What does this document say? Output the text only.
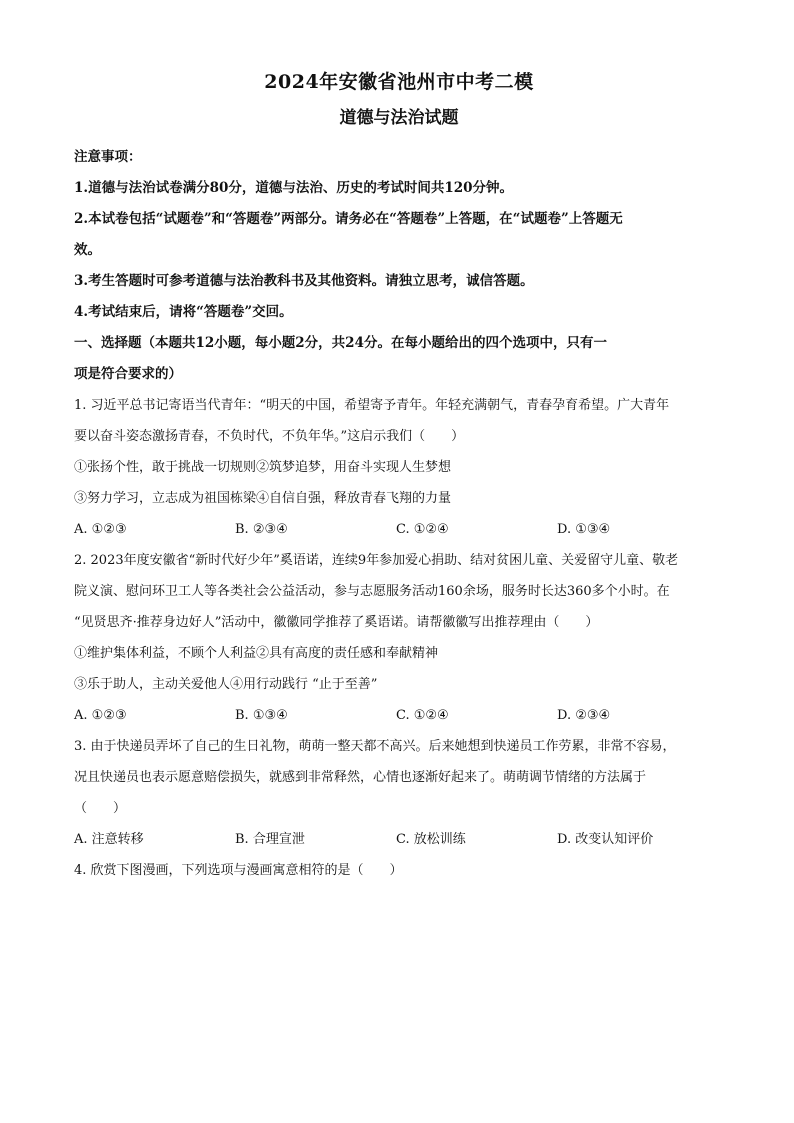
2024年安徽省池州市中考二模
道德与法治试题
注意事项：
1.道德与法治试卷满分80分，道德与法治、历史的考试时间共120分钟。
2.本试卷包括“试题卷”和“答题卷”两部分。请务必在“答题卷”上答题，在“试题卷”上答题无
效。
3.考生答题时可参考道德与法治教科书及其他资料。请独立思考，诚信答题。
4.考试结束后，请将“答题卷”交回。
一、选择题（本题共12小题，每小题2分，共24分。在每小题给出的四个选项中，只有一
项是符合要求的）
1. 习近平总书记寄语当代青年：“明天的中国，希望寄予青年。年轻充满朝气，青春孕育希望。广大青年
要以奋斗姿态激扬青春，不负时代，不负年华。”这启示我们（　　）
①张扬个性，敢于挑战一切规则②筑梦追梦，用奋斗实现人生梦想
③努力学习，立志成为祖国栋梁④自信自强，释放青春飞翔的力量
A. ①②③	B. ②③④	C. ①②④	D. ①③④
2. 2023年度安徽省“新时代好少年”奚语诺，连续9年参加爱心捐助、结对贫困儿童、关爱留守儿童、敬老
院义演、慰问环卫工人等各类社会公益活动，参与志愿服务活动160余场，服务时长达360多个小时。在
“见贤思齐·推荐身边好人”活动中，徽徽同学推荐了奚语诺。请帮徽徽写出推荐理由（　　）
①维护集体利益，不顾个人利益②具有高度的责任感和奉献精神
③乐于助人，主动关爱他人④用行动践行 “止于至善”
A. ①②③	B. ①③④	C. ①②④	D. ②③④
3. 由于快递员弄坏了自己的生日礼物，萌萌一整天都不高兴。后来她想到快递员工作劳累，非常不容易，
况且快递员也表示愿意赔偿损失，就感到非常释然，心情也逐渐好起来了。萌萌调节情绪的方法属于
（　　）
A. 注意转移	B. 合理宣泄	C. 放松训练	D. 改变认知评价
4. 欣赏下图漫画，下列选项与漫画寓意相符的是（　　）
